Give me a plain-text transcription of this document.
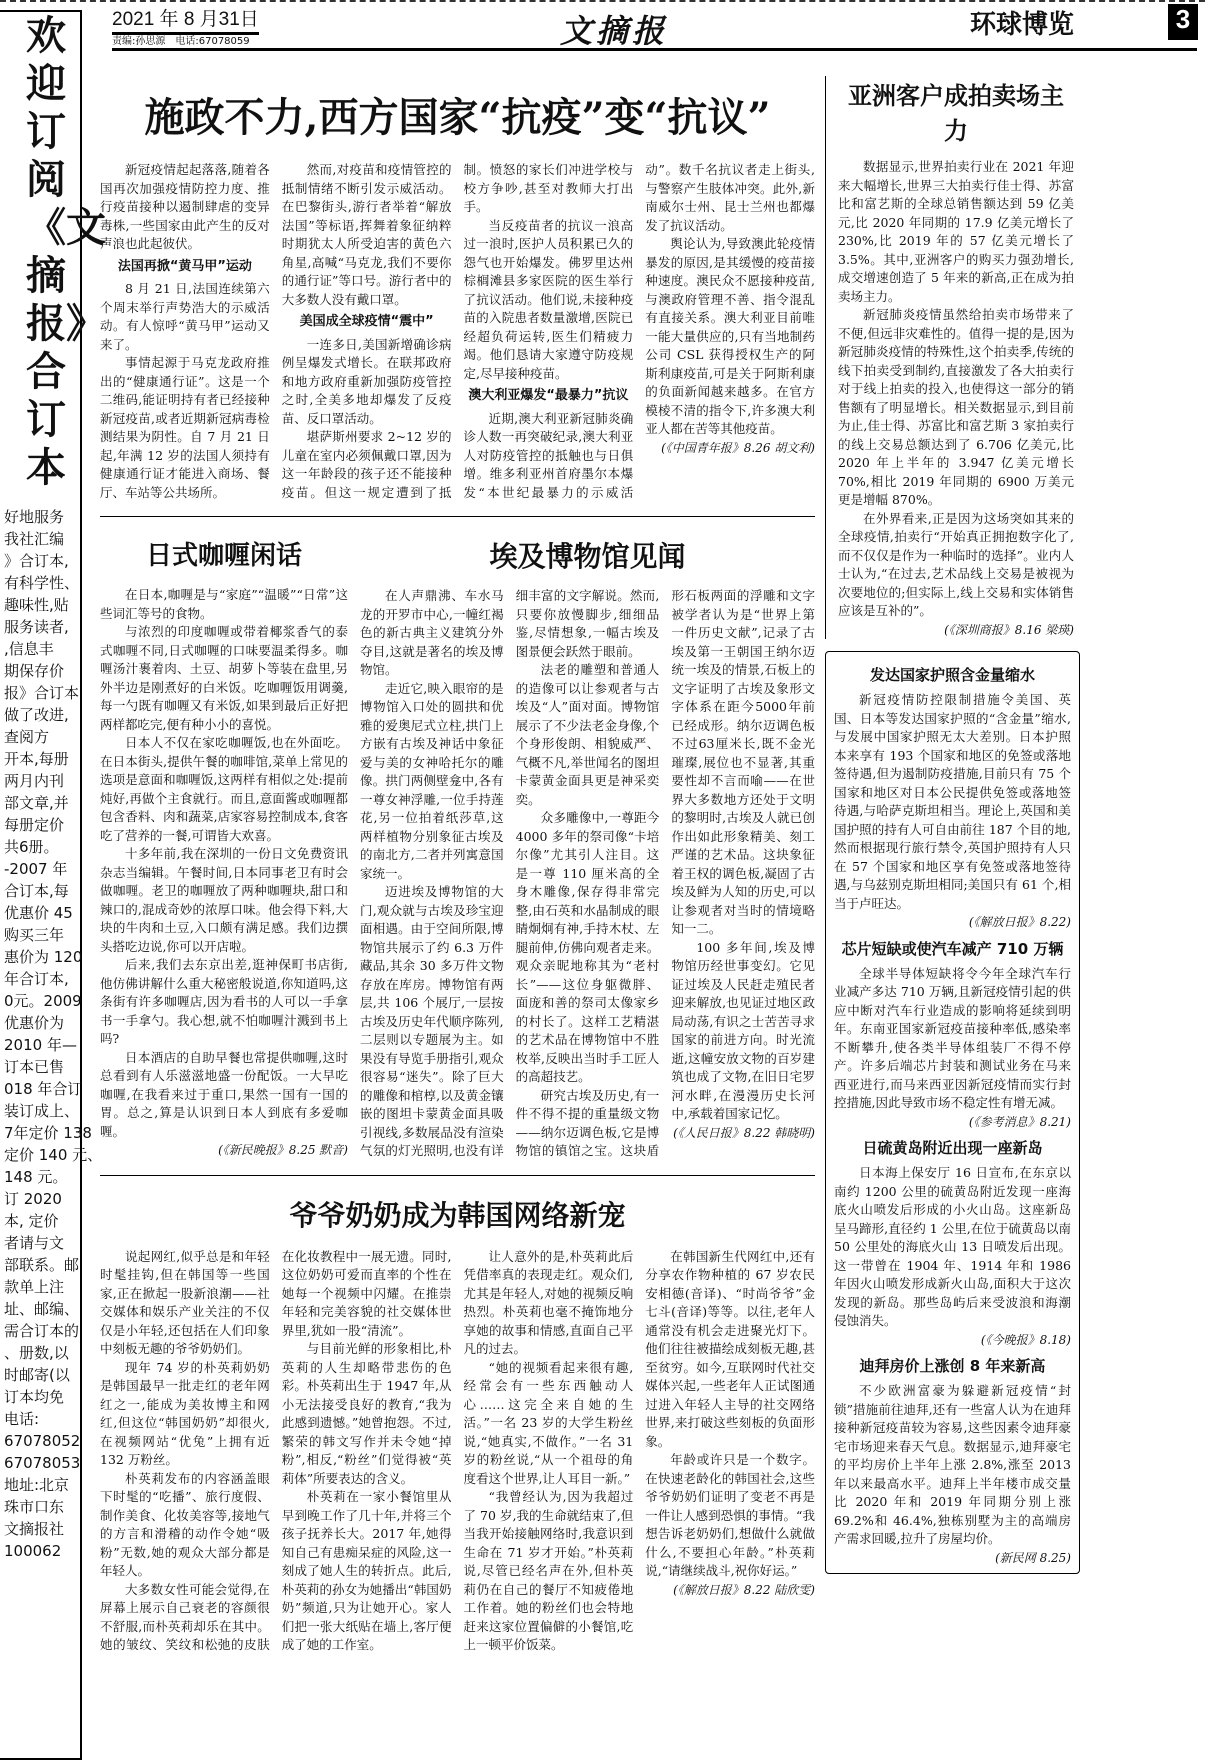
欢迎订阅《文摘报》合订本
好地服务
我社汇编
》合订本,
有科学性、
趣味性,贴
服务读者,
,信息丰
期保存价
报》合订本
做了改进,
查阅方
开本,每册
两月内刊
部文章,并
每册定价
共6册。
-2007 年
合订本,每
优惠价 45
购买三年
惠价为 120
年合订本,
0元。2009
优惠价为
2010 年—
订本已售
018 年合订
装订成上、
7年定价 138
定价 140 元、
148 元。
订 2020
本, 定价
者请与文
部联系。邮
款单上注
址、邮编、
需合订本的
、册数,以
时邮寄(以
订本均免
电话:
67078052
67078053
地址:北京
珠市口东
文摘报社
100062
2021 年 8 月31日
责编:孙思源　电话:67078059	文摘报	环球博览	3
施政不力,西方国家“抗疫”变“抗议”

新冠疫情起起落落,随着各国再次加强疫情防控力度、推行疫苗接种以遏制肆虐的变异毒株,一些国家由此产生的反对声浪也此起彼伏。

法国再掀“黄马甲”运动

8 月 21 日,法国连续第六个周末举行声势浩大的示威活动。有人惊呼“黄马甲”运动又来了。

事情起源于马克龙政府推出的“健康通行证”。这是一个二维码,能证明持有者已经接种新冠疫苗,或者近期新冠病毒检测结果为阴性。自 7 月 21 日起,年满 12 岁的法国人须持有健康通行证才能进入商场、餐厅、车站等公共场所。

然而,对疫苗和疫情管控的抵制情绪不断引发示威活动。在巴黎街头,游行者举着“解放法国”等标语,挥舞着象征纳粹时期犹太人所受迫害的黄色六角星,高喊“马克龙,我们不要你的通行证”等口号。游行者中的大多数人没有戴口罩。

美国成全球疫情“震中”

一连多日,美国新增确诊病例呈爆发式增长。在联邦政府和地方政府重新加强防疫管控之时,全美多地却爆发了反疫苗、反口罩活动。

堪萨斯州要求 2~12 岁的儿童在室内必须佩戴口罩,因为这一年龄段的孩子还不能接种疫苗。但这一规定遭到了抵制。愤怒的家长们冲进学校与校方争吵,甚至对教师大打出手。

当反疫苗者的抗议一浪高过一浪时,医护人员积累已久的怨气也开始爆发。佛罗里达州棕榈滩县多家医院的医生举行了抗议活动。他们说,未接种疫苗的入院患者数量激增,医院已经超负荷运转,医生们精疲力竭。他们恳请大家遵守防疫规定,尽早接种疫苗。

澳大利亚爆发“最暴力”抗议

近期,澳大利亚新冠肺炎确诊人数一再突破纪录,澳大利亚人对防疫管控的抵触也与日俱增。维多利亚州首府墨尔本爆发“本世纪最暴力的示威活动”。数千名抗议者走上街头,与警察产生肢体冲突。此外,新南威尔士州、昆士兰州也都爆发了抗议活动。

舆论认为,导致澳此轮疫情暴发的原因,是其缓慢的疫苗接种速度。澳民众不愿接种疫苗,与澳政府管理不善、指令混乱有直接关系。澳大利亚目前唯一能大量供应的,只有当地制药公司 CSL 获得授权生产的阿斯利康疫苗,可是关于阿斯利康的负面新闻越来越多。在官方模棱不清的指令下,许多澳大利亚人都在苦等其他疫苗。

(《中国青年报》8.26 胡文利)
日式咖喱闲话

在日本,咖喱是与“家庭”“温暖”“日常”这些词汇等号的食物。

与浓烈的印度咖喱或带着椰浆香气的泰式咖喱不同,日式咖喱的口味要温柔得多。咖喱汤汁裹着肉、土豆、胡萝卜等装在盘里,另外半边是刚煮好的白米饭。吃咖喱饭用调羹,每一勺既有咖喱又有米饭,如果到最后正好把两样都吃完,便有种小小的喜悦。

日本人不仅在家吃咖喱饭,也在外面吃。在日本街头,提供午餐的咖啡馆,菜单上常见的选项是意面和咖喱饭,这两样有相似之处:提前炖好,再做个主食就行。而且,意面酱或咖喱都包含香料、肉和蔬菜,店家容易控制成本,食客吃了营养的一餐,可谓皆大欢喜。

十多年前,我在深圳的一份日文免费资讯杂志当编辑。午餐时间,日本同事老卫有时会做咖喱。老卫的咖喱放了两种咖喱块,甜口和辣口的,混成奇妙的浓厚口味。他会得下料,大块的牛肉和土豆,入口颇有满足感。我们边撰头搭吃边说,你可以开店啦。

后来,我们去东京出差,逛神保町书店街,他仿佛讲解什么重大秘密般说道,你知道吗,这条街有许多咖喱店,因为看书的人可以一手拿书一手拿勺。我心想,就不怕咖喱汁溅到书上吗?

日本酒店的自助早餐也常提供咖喱,这时总看到有人乐滋滋地盛一份配饭。一大早吃咖喱,在我看来过于重口,果然一国有一国的胃。总之,算是认识到日本人到底有多爱咖喱。

(《新民晚报》8.25 默音)
埃及博物馆见闻

在人声鼎沸、车水马龙的开罗市中心,一幢红褐色的新古典主义建筑分外夺目,这就是著名的埃及博物馆。

走近它,映入眼帘的是博物馆入口处的圆拱和优雅的爱奥尼式立柱,拱门上方嵌有古埃及神话中象征爱与美的女神哈托尔的雕像。拱门两侧壁龛中,各有一尊女神浮雕,一位手持莲花,另一位拍着纸莎草,这两样植物分别象征古埃及的南北方,二者并列寓意国家统一。

迈进埃及博物馆的大门,观众就与古埃及珍宝迎面相遇。由于空间所限,博物馆共展示了约 6.3 万件藏品,其余 30 多万件文物存放在库房。博物馆有两层,共 106 个展厅,一层按古埃及历史年代顺序陈列,二层则以专题展为主。如果没有导览手册指引,观众很容易“迷失”。除了巨大的雕像和棺椁,以及黄金镶嵌的图坦卡蒙黄金面具吸引视线,多数展品没有渲染气氛的灯光照明,也没有详细丰富的文字解说。然而,只要你放慢脚步,细细品鉴,尽情想象,一幅古埃及图景便会跃然于眼前。

法老的雕塑和普通人的造像可以让参观者与古埃及“人”面对面。博物馆展示了不少法老金身像,个个身形俊朗、相貌威严、气概不凡,举世闻名的图坦卡蒙黄金面具更是神采奕奕。

众多雕像中,一尊距今 4000 多年的祭司像“卡培尔像”尤其引人注目。这是一尊 110 厘米高的全身木雕像,保存得非常完整,由石英和水晶制成的眼睛炯炯有神,手持木杖、左腿前伸,仿佛向观者走来。观众亲昵地称其为“老村长”——这位身躯微胖、面庞和善的祭司太像家乡的村长了。这样工艺精湛的艺术品在博物馆中不胜枚举,反映出当时手工匠人的高超技艺。

研究古埃及历史,有一件不得不提的重量级文物——纳尔迈调色板,它是博物馆的镇馆之宝。这块盾形石板两面的浮雕和文字被学者认为是“世界上第一件历史文献”,记录了古埃及第一王朝国王纳尔迈统一埃及的情景,石板上的文字证明了古埃及象形文字体系在距今5000年前已经成形。纳尔迈调色板不过63厘米长,既不金光璀璨,展位也不显著,其重要性却不言而喻——在世界大多数地方还处于文明的黎明时,古埃及人就已创作出如此形象精美、刻工严谨的艺术品。这块象征着王权的调色板,凝固了古埃及鲜为人知的历史,可以让参观者对当时的情境略知一二。

100 多年间,埃及博物馆历经世事变幻。它见证过埃及人民赶走殖民者迎来解放,也见证过地区政局动荡,有识之士苦苦寻求国家的前进方向。时光流逝,这幢安放文物的百岁建筑也成了文物,在旧日宅罗河水畔,在漫漫历史长河中,承载着国家记忆。

(《人民日报》8.22 韩晓明)
爷爷奶奶成为韩国网络新宠

说起网红,似乎总是和年轻时髦挂钩,但在韩国等一些国家,正在掀起一股新浪潮——社交媒体和娱乐产业关注的不仅仅是小年轻,还包括在人们印象中刻板无趣的爷爷奶奶们。

现年 74 岁的朴英莉奶奶是韩国最早一批走红的老年网红之一,能成为美妆博主和网红,但这位“韩国奶奶”却很火,在视频网站“优兔”上拥有近 132 万粉丝。

朴英莉发布的内容涵盖眼下时髦的“吃播”、旅行度假、制作美食、化妆美容等,接地气的方言和滑稽的动作令她“吸粉”无数,她的观众大部分都是年轻人。

大多数女性可能会觉得,在屏幕上展示自己衰老的容颜很不舒服,而朴英莉却乐在其中。她的皱纹、笑纹和松弛的皮肤在化妆教程中一展无遗。同时,这位奶奶可爱而直率的个性在她每一个视频中闪耀。在推崇年轻和完美容貌的社交媒体世界里,犹如一股“清流”。

与目前光鲜的形象相比,朴英莉的人生却略带悲伤的色彩。朴英莉出生于 1947 年,从小无法接受良好的教育,“我为此感到遗憾。”她曾抱怨。不过,繁荣的韩文写作并未令她“掉粉”,相反,“粉丝”们觉得被“英莉体”所要表达的含义。

朴英莉在一家小餐馆里从早到晚工作了几十年,并将三个孩子抚养长大。2017 年,她得知自己有患痴呆症的风险,这一刻成了她人生的转折点。此后,朴英莉的孙女为她播出“韩国奶奶”频道,只为让她开心。家人们把一张大纸贴在墙上,客厅便成了她的工作室。

让人意外的是,朴英莉此后凭借率真的表现走红。观众们,尤其是年轻人,对她的视频反响热烈。朴英莉也毫不掩饰地分享她的故事和情感,直面自己平凡的过去。

“她的视频看起来很有趣,经常会有一些东西触动人心……这完全来自她的生活。”一名 23 岁的大学生粉丝说,“她真实,不做作。”一名 31 岁的粉丝说,“从一个祖母的角度看这个世界,让人耳目一新。”

“我曾经认为,因为我超过了 70 岁,我的生命就结束了,但当我开始接触网络时,我意识到生命在 71 岁才开始。”朴英莉说,尽管已经名声在外,但朴英莉仍在自己的餐厅不知疲倦地工作着。她的粉丝们也会特地赶来这家位置偏僻的小餐馆,吃上一顿平价饭菜。

在韩国新生代网红中,还有分享农作物种植的 67 岁农民安相德(音译)、“时尚爷爷”金七斗(音译)等等。以往,老年人通常没有机会走进聚光灯下。他们往往被描绘成刻板无趣,甚至贫穷。如今,互联网时代社交媒体兴起,一些老年人正试图通过进入年轻人主导的社交网络世界,来打破这些刻板的负面形象。

年龄或许只是一个数字。在快速老龄化的韩国社会,这些爷爷奶奶们证明了变老不再是一件让人感到恐惧的事情。“我想告诉老奶奶们,想做什么就做什么,不要担心年龄。”朴英莉说,“请继续战斗,祝你好运。”

(《解放日报》8.22 陆欣雯)
亚洲客户成拍卖场主力

数据显示,世界拍卖行业在 2021 年迎来大幅增长,世界三大拍卖行佳士得、苏富比和富艺斯的全球总销售额达到 59 亿美元,比 2020 年同期的 17.9 亿美元增长了 230%,比 2019 年的 57 亿美元增长了 3.5%。其中,亚洲客户的购买力强劲增长,成交增速创造了 5 年来的新高,正在成为拍卖场主力。

新冠肺炎疫情虽然给拍卖市场带来了不便,但远非灾难性的。值得一提的是,因为新冠肺炎疫情的特殊性,这个拍卖季,传统的线下拍卖受到制约,直接激发了各大拍卖行对于线上拍卖的投入,也使得这一部分的销售额有了明显增长。相关数据显示,到目前为止,佳士得、苏富比和富艺斯 3 家拍卖行的线上交易总额达到了 6.706 亿美元,比 2020 年上半年的 3.947 亿美元增长 70%,相比 2019 年同期的 6900 万美元更是增幅 870%。

在外界看来,正是因为这场突如其来的全球疫情,拍卖行“开始真正拥抱数字化了,而不仅仅是作为一种临时的选择”。业内人士认为,“在过去,艺术品线上交易是被视为次要地位的;但实际上,线上交易和实体销售应该是互补的”。

(《深圳商报》8.16 梁瑛)
发达国家护照含金量缩水

新冠疫情防控限制措施令美国、英国、日本等发达国家护照的“含金量”缩水,与发展中国家护照无太大差别。日本护照本来享有 193 个国家和地区的免签或落地签待遇,但为遏制防疫措施,目前只有 75 个国家和地区对日本公民提供免签或落地签待遇,与哈萨克斯坦相当。理论上,英国和美国护照的持有人可自由前往 187 个目的地,然而根据现行旅行禁令,英国护照持有人只在 57 个国家和地区享有免签或落地签待遇,与乌兹别克斯坦相同;美国只有 61 个,相当于卢旺达。

(《解放日报》8.22)
芯片短缺或使汽车减产 710 万辆

全球半导体短缺将令今年全球汽车行业减产多达 710 万辆,且新冠疫情引起的供应中断对汽车行业造成的影响将延续到明年。东南亚国家新冠疫苗接种率低,感染率不断攀升,使各类半导体组装厂不得不停产。许多后端芯片封装和测试业务在马来西亚进行,而马来西亚因新冠疫情而实行封控措施,因此导致市场不稳定性有增无减。

(《参考消息》8.21)
日硫黄岛附近出现一座新岛

日本海上保安厅 16 日宣布,在东京以南约 1200 公里的硫黄岛附近发现一座海底火山喷发后形成的小火山岛。这座新岛呈马蹄形,直径约 1 公里,在位于硫黄岛以南 50 公里处的海底火山 13 日喷发后出现。这一带曾在 1904 年、1914 年和 1986 年因火山喷发形成新火山岛,面积大于这次发现的新岛。那些岛屿后来受波浪和海潮侵蚀消失。

(《今晚报》8.18)
迪拜房价上涨创 8 年来新高

不少欧洲富豪为躲避新冠疫情“封锁”措施前往迪拜,还有一些富人认为在迪拜接种新冠疫苗较为容易,这些因素令迪拜豪宅市场迎来春天气息。数据显示,迪拜豪宅的平均房价上半年上涨 2.8%,涨至 2013 年以来最高水平。迪拜上半年楼市成交量比 2020 年和 2019 年同期分别上涨 69.2%和 46.4%,独栋别墅为主的高端房产需求回暖,拉升了房屋均价。

(新民网 8.25)
